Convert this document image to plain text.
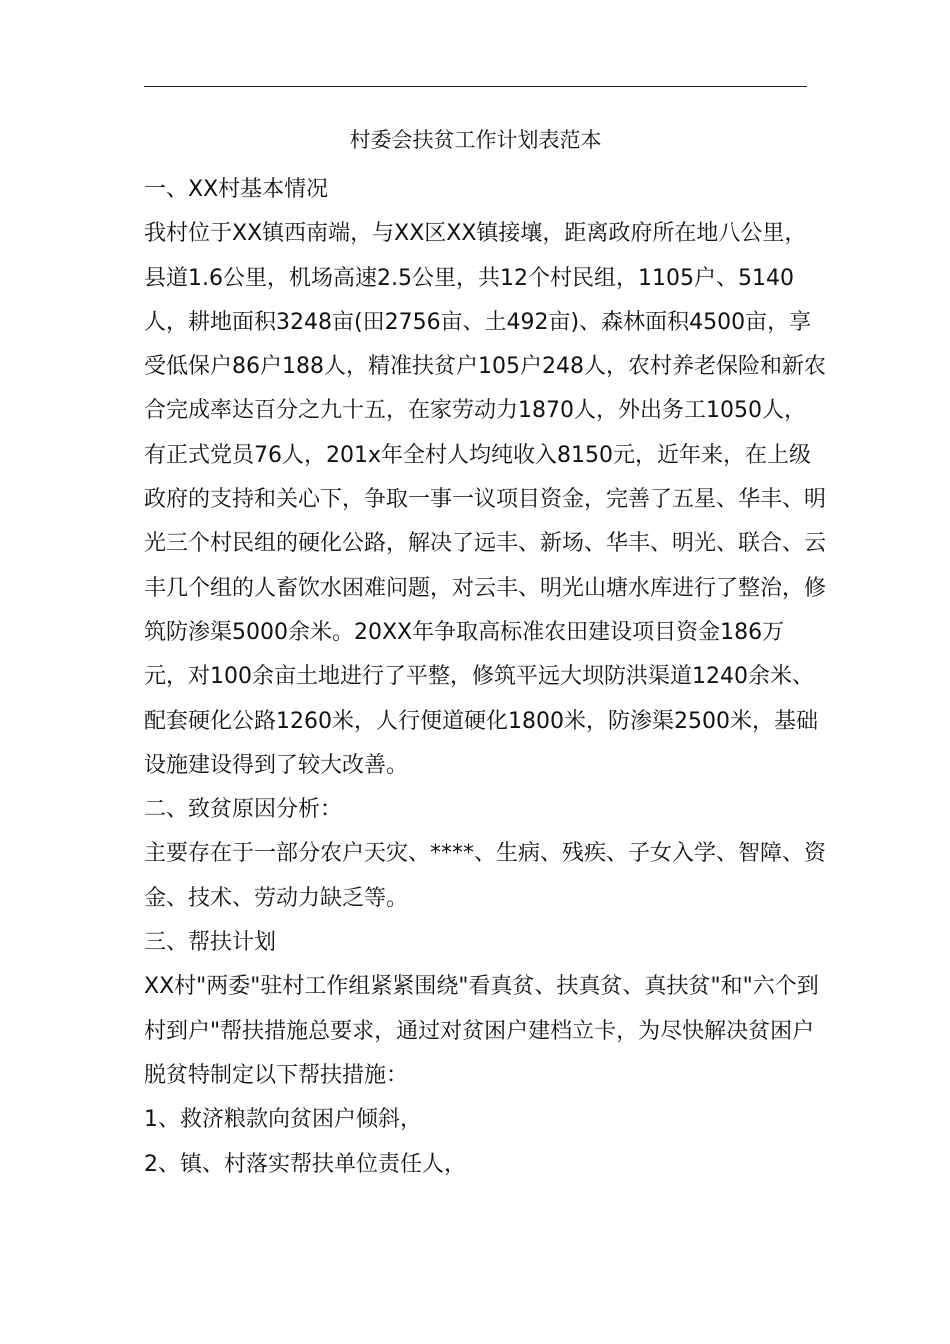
村委会扶贫工作计划表范本

一、XX村基本情况

我村位于XX镇西南端，与XX区XX镇接壤，距离政府所在地八公里，县道1.6公里，机场高速2.5公里，共12个村民组，1105户、5140人，耕地面积3248亩(田2756亩、土492亩)、森林面积4500亩，享受低保户86户188人，精准扶贫户105户248人，农村养老保险和新农合完成率达百分之九十五，在家劳动力1870人，外出务工1050人，有正式党员76人，201x年全村人均纯收入8150元，近年来，在上级政府的支持和关心下，争取一事一议项目资金，完善了五星、华丰、明光三个村民组的硬化公路，解决了远丰、新场、华丰、明光、联合、云丰几个组的人畜饮水困难问题，对云丰、明光山塘水库进行了整治，修筑防渗渠5000余米。20XX年争取高标准农田建设项目资金186万元，对100余亩土地进行了平整，修筑平远大坝防洪渠道1240余米、配套硬化公路1260米，人行便道硬化1800米，防渗渠2500米，基础设施建设得到了较大改善。

二、致贫原因分析：

主要存在于一部分农户天灾、****、生病、残疾、子女入学、智障、资金、技术、劳动力缺乏等。

三、帮扶计划

XX村"两委"驻村工作组紧紧围绕"看真贫、扶真贫、真扶贫"和"六个到村到户"帮扶措施总要求，通过对贫困户建档立卡，为尽快解决贫困户脱贫特制定以下帮扶措施：

1、救济粮款向贫困户倾斜，

2、镇、村落实帮扶单位责任人，
